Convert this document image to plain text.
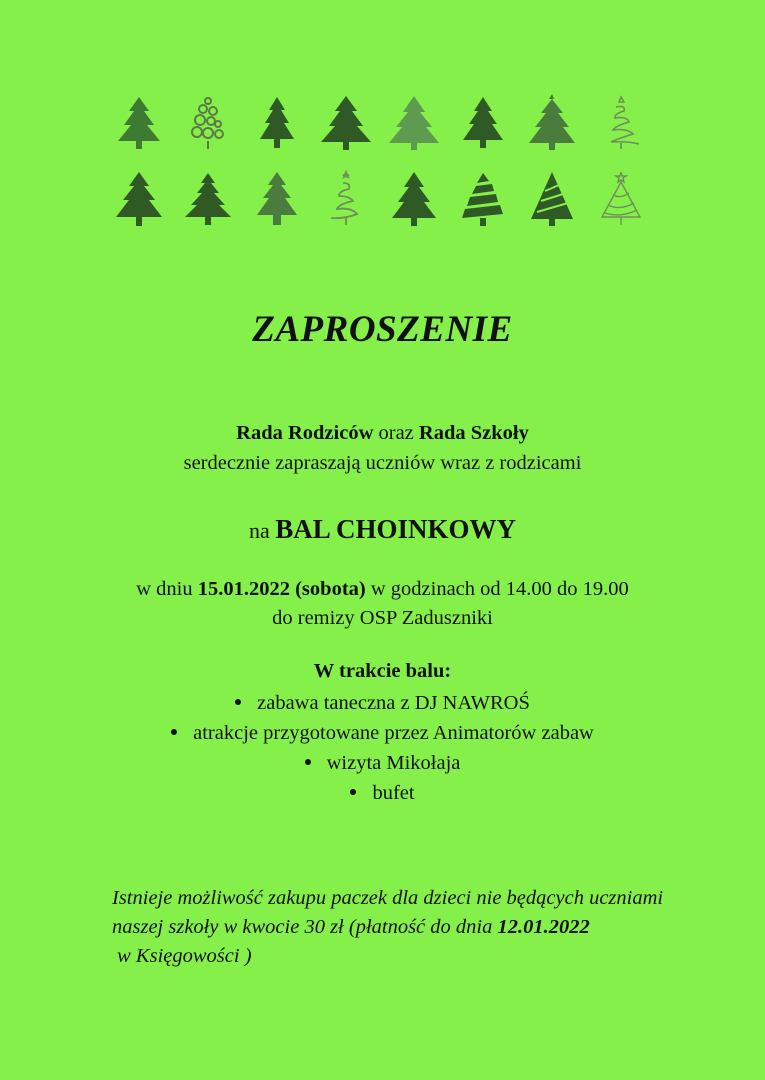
ZAPROSZENIE
Rada Rodziców oraz Rada Szkoły
serdecznie zapraszają uczniów wraz z rodzicami
na BAL CHOINKOWY
w dniu 15.01.2022 (sobota) w godzinach od 14.00 do 19.00
do remizy OSP Zaduszniki
W trakcie balu:
zabawa taneczna z DJ NAWROŚ
atrakcje przygotowane przez Animatorów zabaw
wizyta Mikołaja
bufet
Istnieje możliwość zakupu paczek dla dzieci nie będących uczniami naszej szkoły w kwocie 30 zł (płatność do dnia 12.01.2022 w Księgowości )
